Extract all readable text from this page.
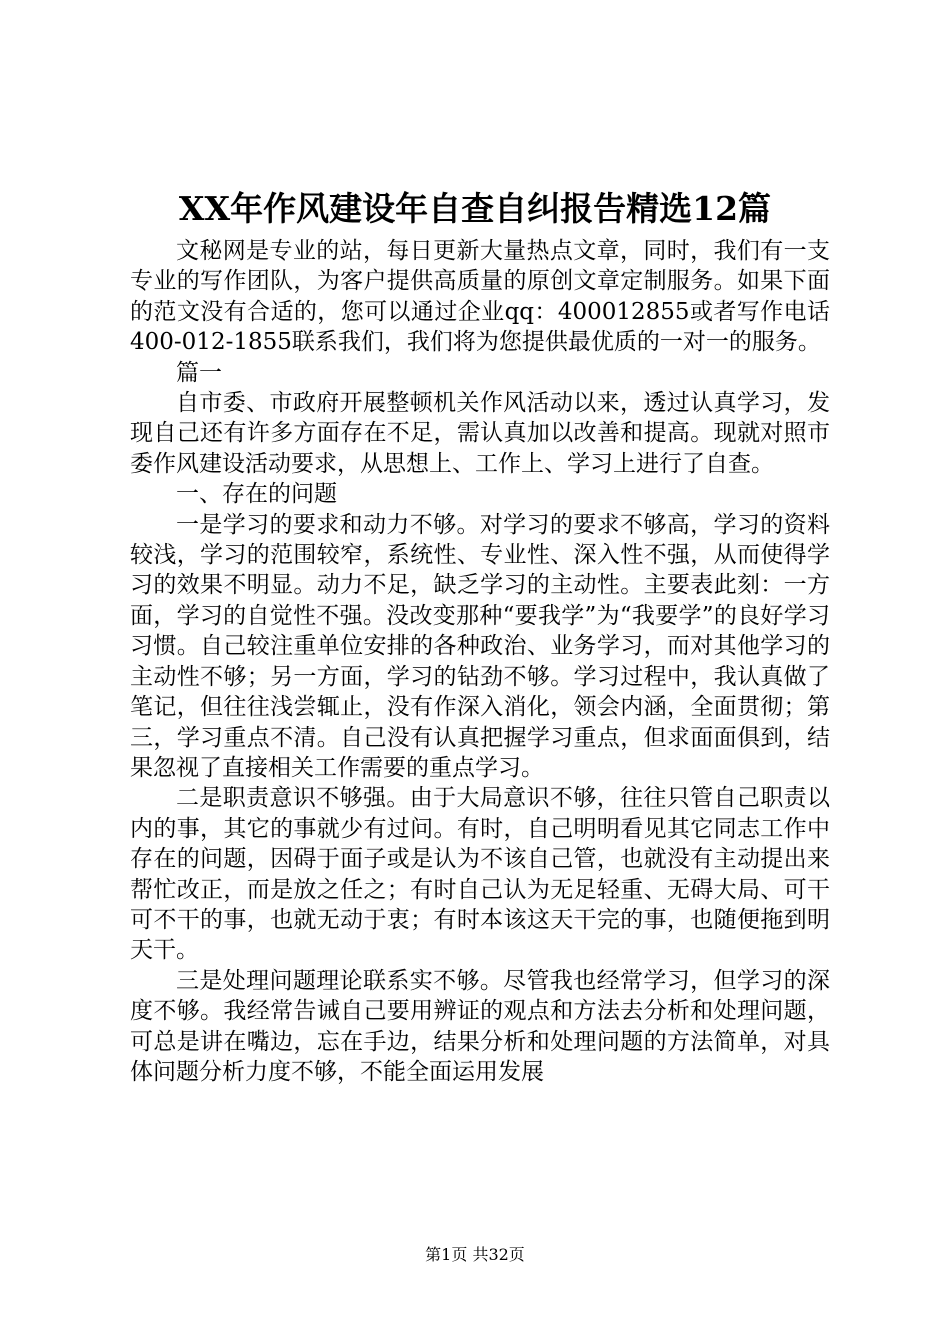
XX年作风建设年自查自纠报告精选12篇

文秘网是专业的站，每日更新大量热点文章，同时，我们有一支专业的写作团队，为客户提供高质量的原创文章定制服务。如果下面的范文没有合适的，您可以通过企业qq：400012855或者写作电话400-012-1855联系我们，我们将为您提供最优质的一对一的服务。

篇一

自市委、市政府开展整顿机关作风活动以来，透过认真学习，发现自己还有许多方面存在不足，需认真加以改善和提高。现就对照市委作风建设活动要求，从思想上、工作上、学习上进行了自查。

一、存在的问题

一是学习的要求和动力不够。对学习的要求不够高，学习的资料较浅，学习的范围较窄，系统性、专业性、深入性不强，从而使得学习的效果不明显。动力不足，缺乏学习的主动性。主要表此刻：一方面，学习的自觉性不强。没改变那种“要我学”为“我要学”的良好学习习惯。自己较注重单位安排的各种政治、业务学习，而对其他学习的主动性不够；另一方面，学习的钻劲不够。学习过程中，我认真做了笔记，但往往浅尝辄止，没有作深入消化，领会内涵，全面贯彻；第三，学习重点不清。自己没有认真把握学习重点，但求面面俱到，结果忽视了直接相关工作需要的重点学习。

二是职责意识不够强。由于大局意识不够，往往只管自己职责以内的事，其它的事就少有过问。有时，自己明明看见其它同志工作中存在的问题，因碍于面子或是认为不该自己管，也就没有主动提出来帮忙改正，而是放之任之；有时自己认为无足轻重、无碍大局、可干可不干的事，也就无动于衷；有时本该这天干完的事，也随便拖到明天干。

三是处理问题理论联系实不够。尽管我也经常学习，但学习的深度不够。我经常告诫自己要用辨证的观点和方法去分析和处理问题，可总是讲在嘴边，忘在手边，结果分析和处理问题的方法简单，对具体问题分析力度不够，不能全面运用发展

第1页 共32页
